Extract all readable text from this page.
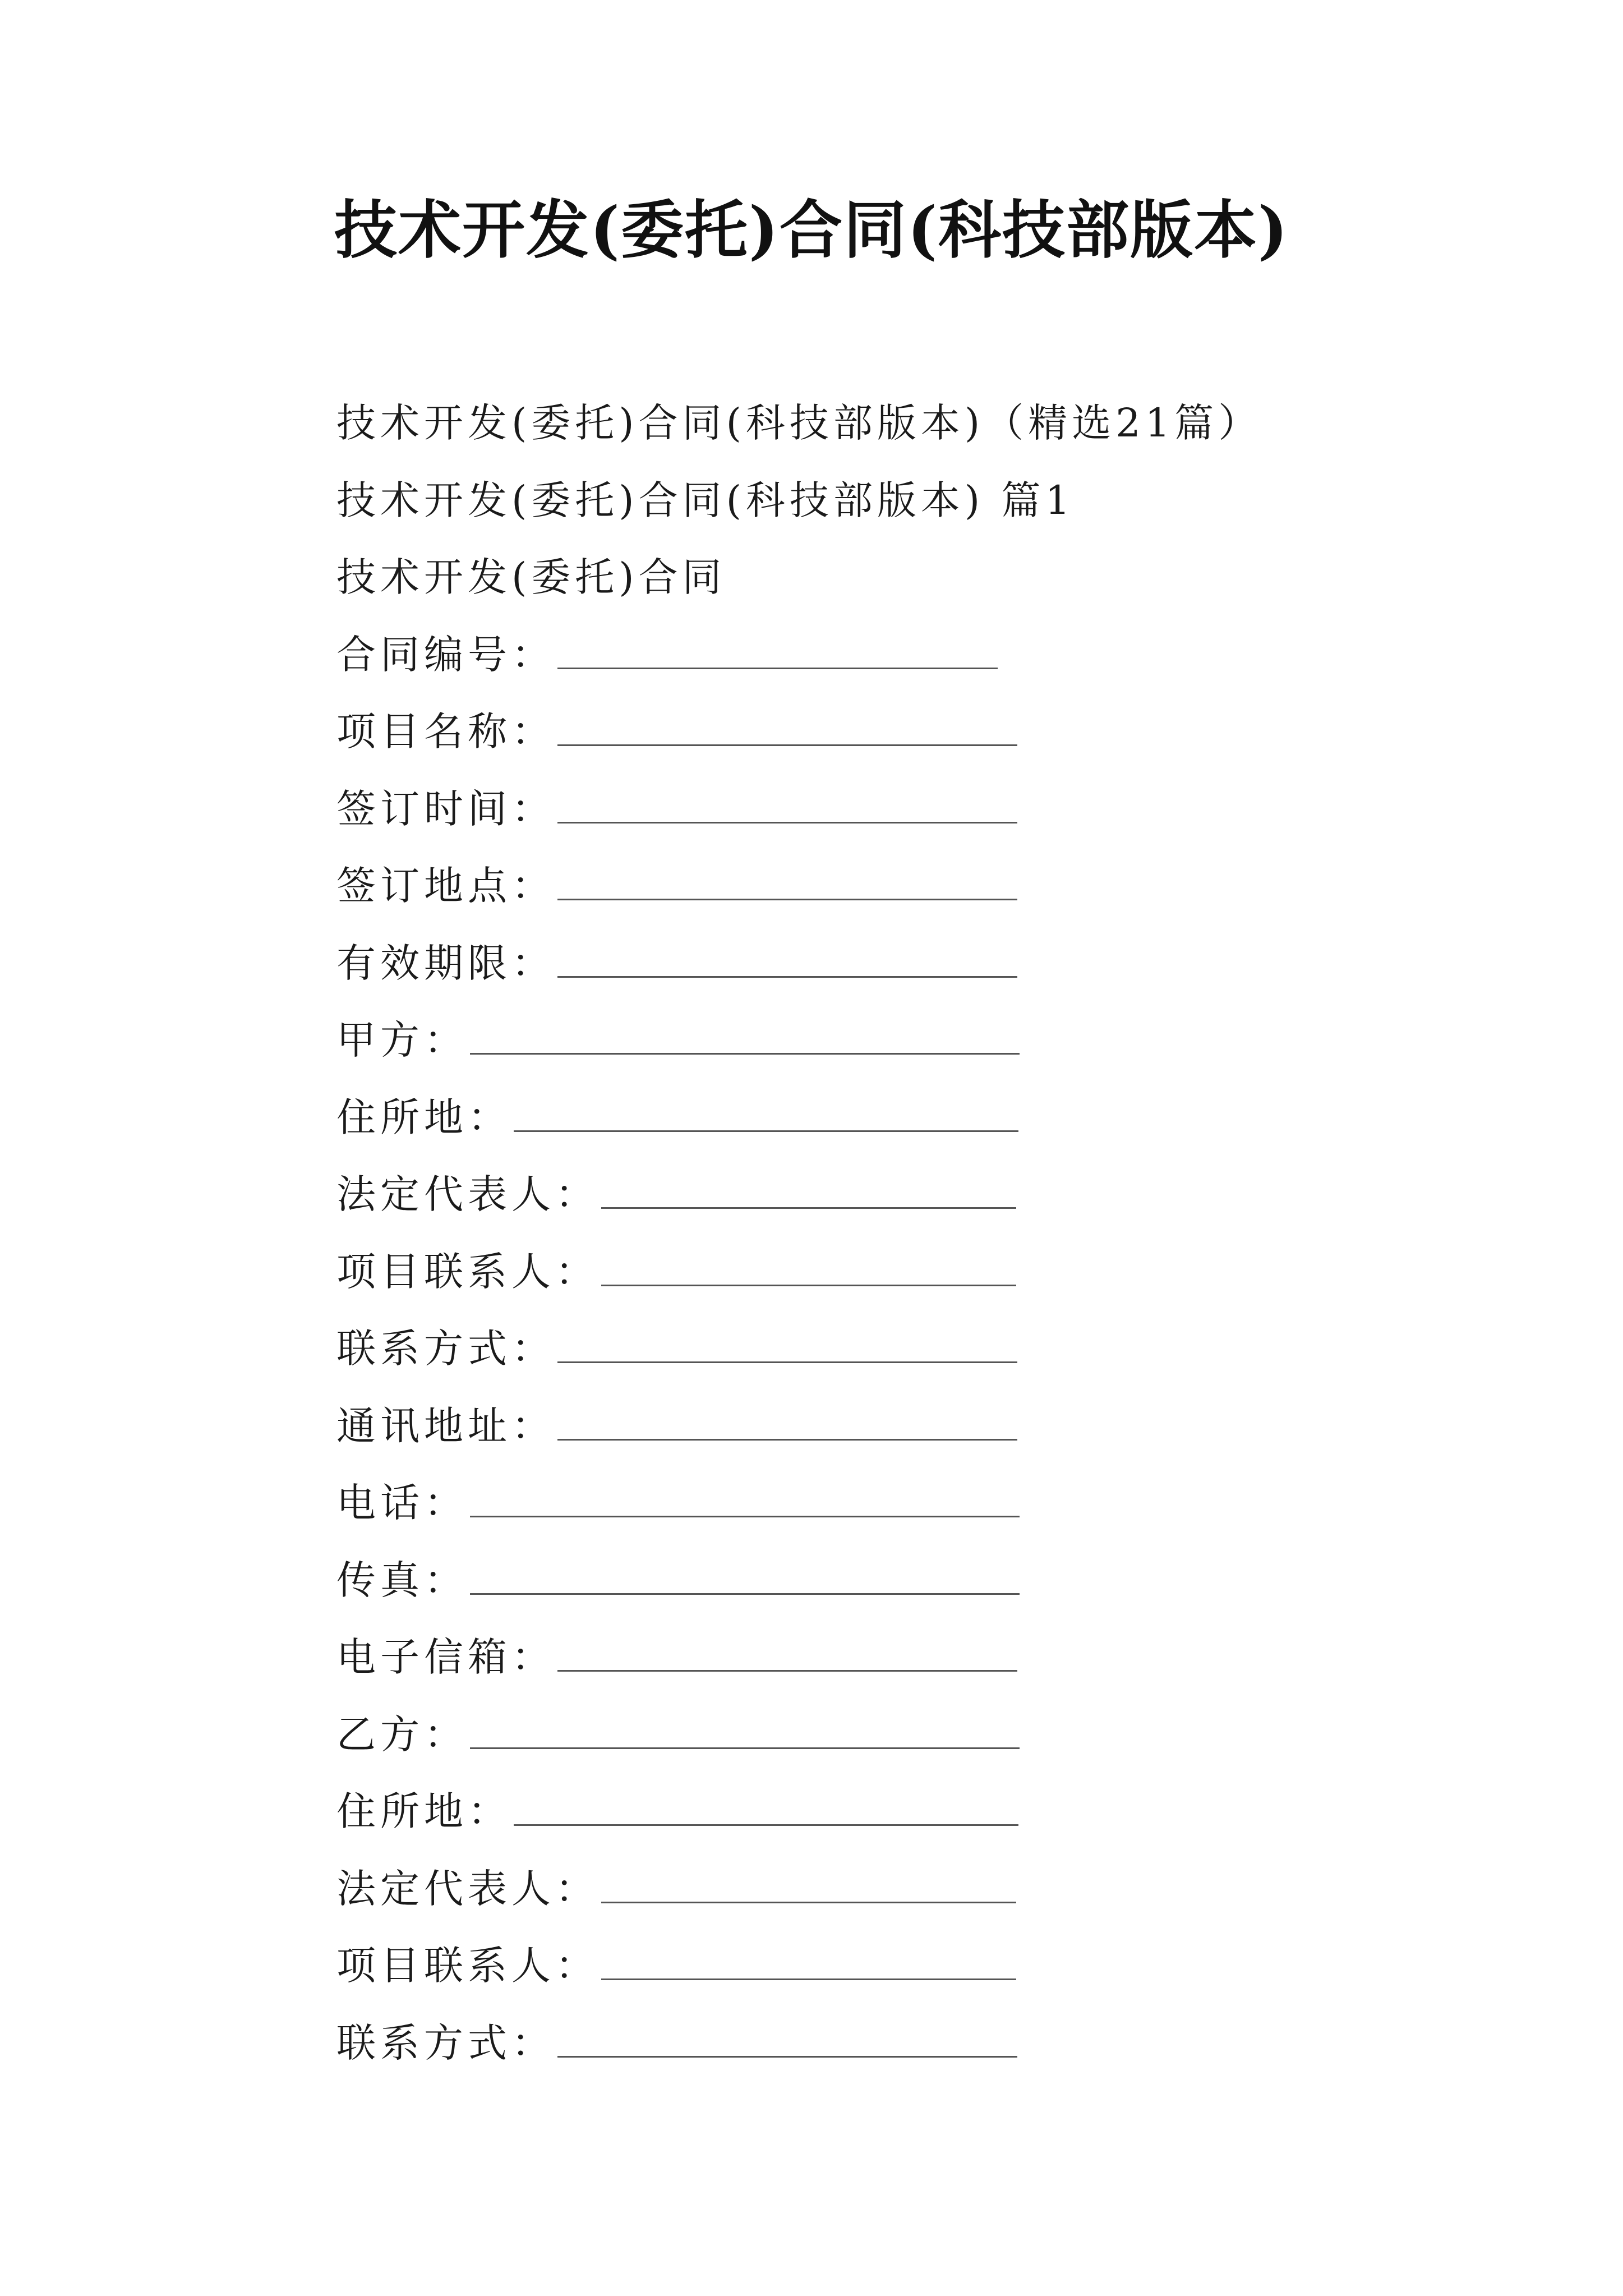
技术开发(委托)合同(科技部版本)
技术开发(委托)合同(科技部版本)（精选21篇）
技术开发(委托)合同(科技部版本) 篇1
技术开发(委托)合同
合同编号：
项目名称：
签订时间：
签订地点：
有效期限：
甲方：
住所地：
法定代表人：
项目联系人：
联系方式：
通讯地址：
电话：
传真：
电子信箱：
乙方：
住所地：
法定代表人：
项目联系人：
联系方式：
